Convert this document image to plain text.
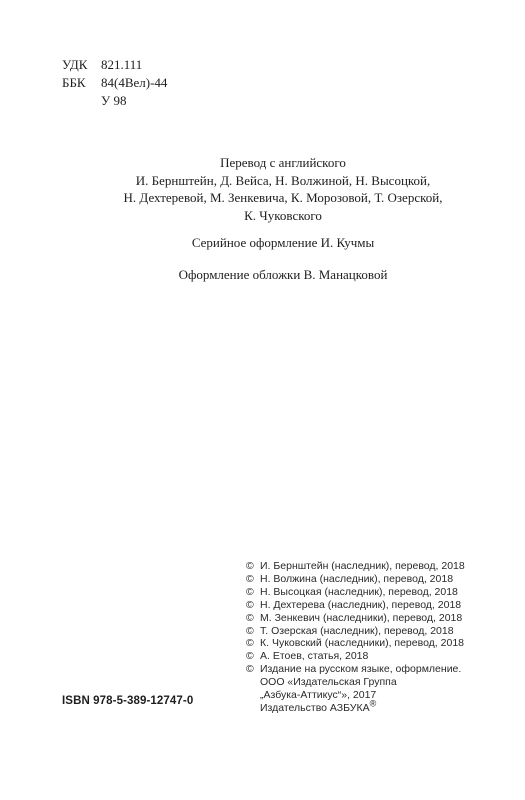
УДК	821.111
ББК	84(4Вел)-44
У 98
Перевод с английского
И. Бернштейн, Д. Вейса, Н. Волжиной, Н. Высоцкой,
Н. Дехтеревой, М. Зенкевича, К. Морозовой, Т. Озерской,
К. Чуковского
Серийное оформление И. Кучмы
Оформление обложки В. Манацковой
© И. Бернштейн (наследник), перевод, 2018
© Н. Волжина (наследник), перевод, 2018
© Н. Высоцкая (наследник), перевод, 2018
© Н. Дехтерева (наследник), перевод, 2018
© М. Зенкевич (наследники), перевод, 2018
© Т. Озерская (наследник), перевод, 2018
© К. Чуковский (наследники), перевод, 2018
© А. Етоев, статья, 2018
© Издание на русском языке, оформление.
ООО «Издательская Группа
„Азбука-Аттикус“», 2017
Издательство АЗБУКА®
ISBN 978-5-389-12747-0
